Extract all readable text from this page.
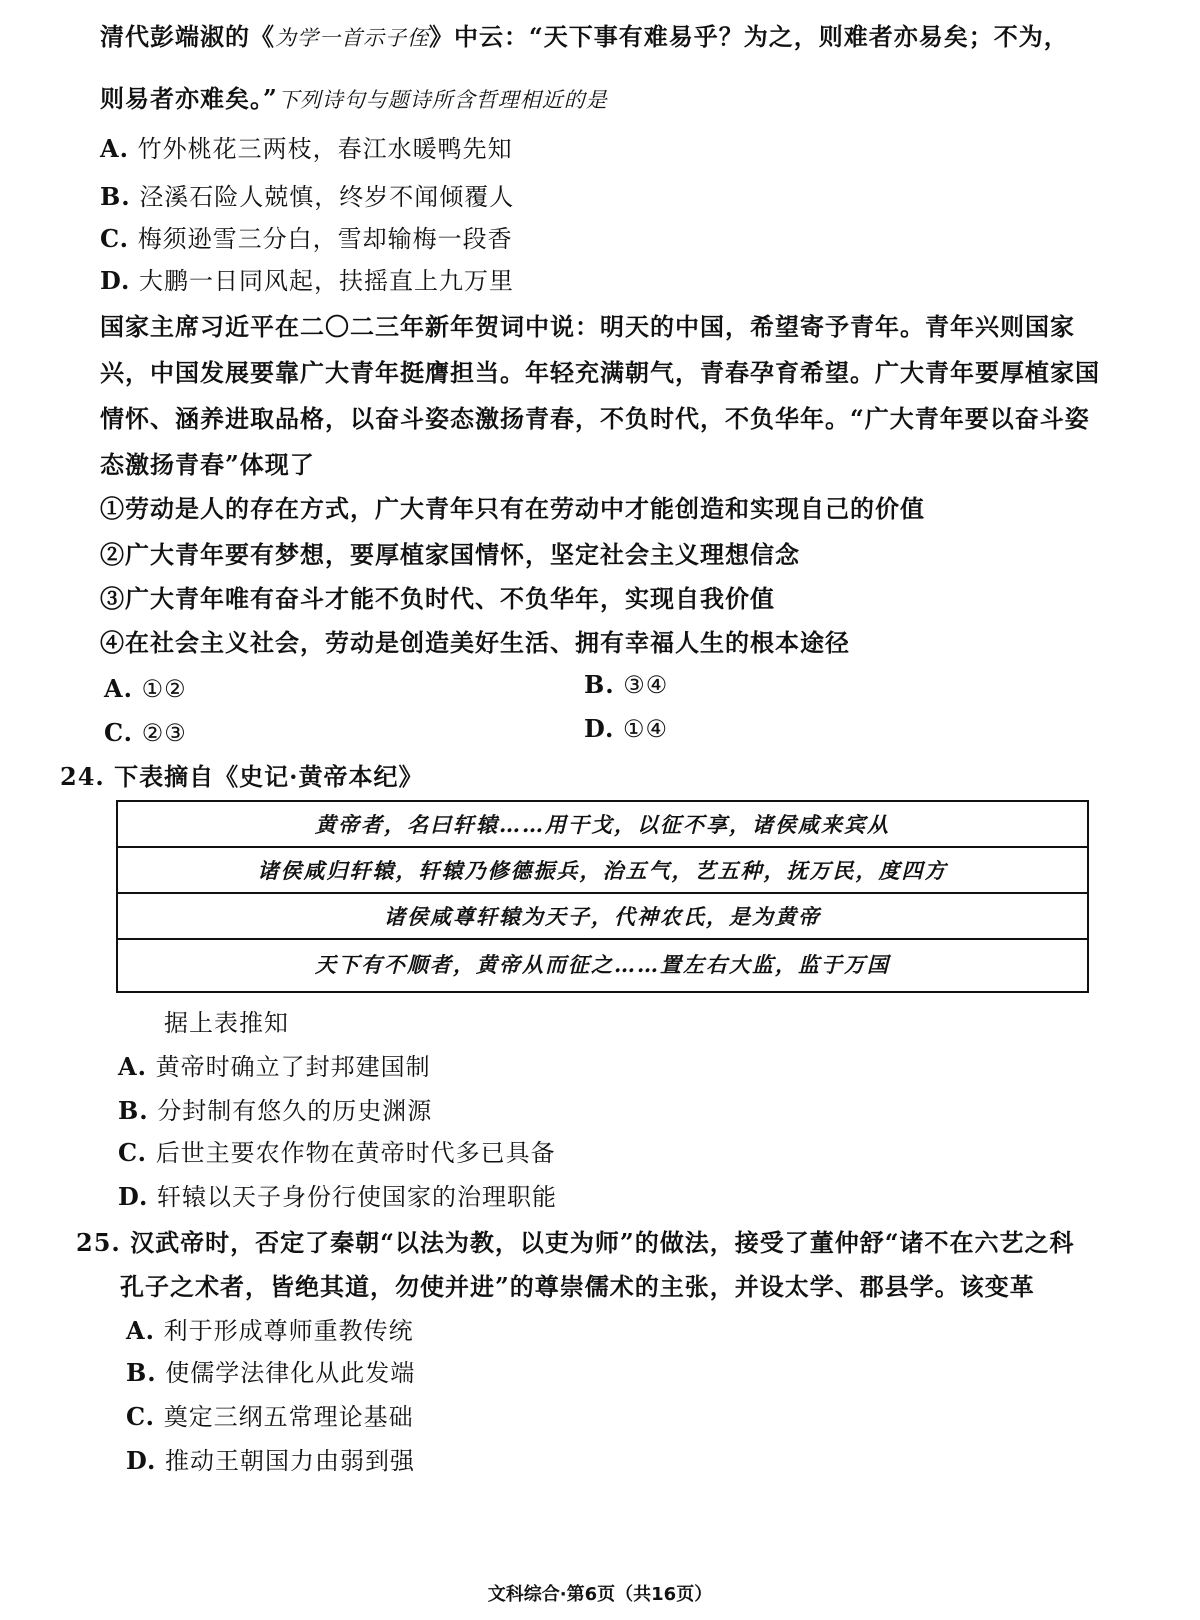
清代彭端淑的《为学一首示子侄》中云：“天下事有难易乎？为之，则难者亦易矣；不为，
则易者亦难矣。”下列诗句与题诗所含哲理相近的是
A. 竹外桃花三两枝，春江水暖鸭先知
B. 泾溪石险人兢慎，终岁不闻倾覆人
C. 梅须逊雪三分白，雪却输梅一段香
D. 大鹏一日同风起，扶摇直上九万里
国家主席习近平在二〇二三年新年贺词中说：明天的中国，希望寄予青年。青年兴则国家
兴，中国发展要靠广大青年挺膺担当。年轻充满朝气，青春孕育希望。广大青年要厚植家国
情怀、涵养进取品格，以奋斗姿态激扬青春，不负时代，不负华年。“广大青年要以奋斗姿
态激扬青春”体现了
①劳动是人的存在方式，广大青年只有在劳动中才能创造和实现自己的价值
②广大青年要有梦想，要厚植家国情怀，坚定社会主义理想信念
③广大青年唯有奋斗才能不负时代、不负华年，实现自我价值
④在社会主义社会，劳动是创造美好生活、拥有幸福人生的根本途径
A. ①②	B. ③④
C. ②③	D. ①④
24. 下表摘自《史记·黄帝本纪》
黄帝者，名曰轩辕……用干戈，以征不享，诸侯咸来宾从
诸侯咸归轩辕，轩辕乃修德振兵，治五气，艺五种，抚万民，度四方
诸侯咸尊轩辕为天子，代神农氏，是为黄帝
天下有不顺者，黄帝从而征之……置左右大监，监于万国
据上表推知
A. 黄帝时确立了封邦建国制
B. 分封制有悠久的历史渊源
C. 后世主要农作物在黄帝时代多已具备
D. 轩辕以天子身份行使国家的治理职能
25. 汉武帝时，否定了秦朝“以法为教，以吏为师”的做法，接受了董仲舒“诸不在六艺之科
孔子之术者，皆绝其道，勿使并进”的尊崇儒术的主张，并设太学、郡县学。该变革
A. 利于形成尊师重教传统
B. 使儒学法律化从此发端
C. 奠定三纲五常理论基础
D. 推动王朝国力由弱到强
文科综合·第6页（共16页）
